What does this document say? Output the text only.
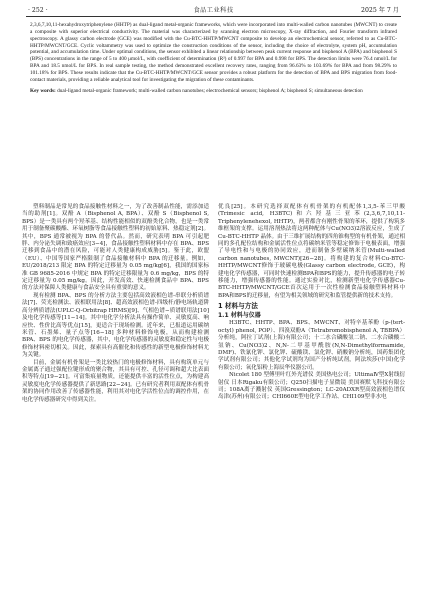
· 252 ·	食品工业科技	2025 年 7 月

2,3,6,7,10,11-hexahydroxytriphenylene (HHTP) as dual-ligand metal-organic frameworks, which were incorporated into multi-walled carbon nanotubes (MWCNT) to create a composite with superior electrical conductivity. The material was characterized by scanning electron microscopy, X-ray diffraction, and Fourier transform infrared spectroscopy. A glassy carbon electrode (GCE) was modified with the Cu-BTC-HHTP/MWCNT composite to develop an electrochemical sensor, referred to as Cu-BTC-HHTP/MWCNT/GCE. Cyclic voltammetry was used to optimize the construction conditions of the sensor, including the choice of electrolyte, system pH, accumulation potential, and accumulation time. Under optimal conditions, the sensor exhibited a linear relationship between peak current response and bisphenol A (BPA) and bisphenol S (BPS) concentrations in the range of 5 to 400 μmol/L, with coefficient of determination (R²) of 0.997 for BPA and 0.998 for BPS. The detection limits were 76.4 nmol/L for BPA and 18.5 nmol/L for BPS. In real sample testing, the method demonstrated excellent recovery rates, ranging from 96.63% to 103.69% for BPA and from 98.29% to 101.18% for BPS. These results indicate that the Cu-BTC-HHTP/MWCNT/GCE sensor provides a robust platform for the detection of BPA and BPS migration from food-contact materials, providing a reliable analytical tool for investigating the migration of these contaminants.

Key words: dual-ligand metal-organic framework; multi-walled carbon nanotubes; electrochemical sensors; bisphenol A; bisphenol S; simultaneous detection

塑料制品是常见的食品接触性材料之一，为了改善制品性能，需添加适当的助剂[1]。双酚 A（Bisphenol A, BPA）、双酚 S（Bisphenol S, BPS）是一类具有两个羟苯基、结构性能相似的双酚类化合物，也是一类常用于制备聚碳酸酯、环氧树脂等食品接触性塑料的初始原料、热稳定剂[2]。其中，BPS 通常被视为 BPA 的替代品。然而，研究表明 BPA 可引起肥胖、内分泌失调和致癌效应[3−4]，食品接触性塑料材料中存在 BPA、BPS 迁移到食品中的潜在风险，可能对人类健康构成威胁[5]。鉴于此，欧盟（EU）、中国等国家严格限制了食品接触材料中 BPA 的迁移量。例如，EU/2018/213 限定 BPA 的特定迁移量为 0.05 mg/kg[6]，我国的国家标准 GB 9685-2016 中规定 BPA 的特定迁移限量为 0.6 mg/kg，BPS 的特定迁移量为 0.05 mg/kg。因此，开发高效、快速检测食品中 BPA、BPS 的方法对保障人类健康与食品安全具有重要的意义。

现有检测 BPA、BPS 的分析方法主要包括高效液相色谱-串联分析质谱法[7]、荧光检测法、液相联用法[8]、超高效液相色谱-四级杆/静电场轨道阱高分辨质谱法(UPLC-Q-Orbitrap HRMS)[9]、气相色谱−质谱联用法[10]及电化学传感等[11−14]。其中电化学分析法具有操作简单、灵敏度高、响应快、性价比高等优点[15]，更适合于现场检测。近年来，已报道运用碳纳米管、石墨烯、量子点等[16−18] 多种材料修饰电极，从而构建检测 BPA、BPS 的电化学传感器，其中，电化学传感器的灵敏度和稳定性与电极修饰材料密切相关。因此，探索具有高催化和传感性的新型电极修饰材料尤为关键。

目前，金属有机骨架是一类比较热门的电极修饰材料，具有构筑单元与金属离子通过强配位键形成的聚合物，其具有可控、孔径可调和超大比表面积等特点[19−21]。可富集痕量物质，还能提供丰富的活性位点，为构建高灵敏度电化学传感器提供了新思路[22−24]。已有研究者利用双配体有机骨架的协同作用改善了传感器性能，利用其对电化学活性位点的调控作用，在电化学传感器研究中得到关注。

优良[25]。本研究选择双配体有机骨架的有机配体1,3,5-苯三甲酸(Trimesic acid, H3BTC)和六羟基三亚苯(2,3,6,7,10,11-Triphenylenehexol, HHTP)，两者都含有刚性骨架的苯环，提供了构筑多维框架的支撑。运用溶剂热法将这两种配体与Cu(NO3)2溶液反应，生成了Cu-BTC-HHTP 晶体。由于三维扩展结构的四角锥构型的有机骨架，通过相同的多孔配位结构和金属活性位点将碳纳米管等稳定修饰于电极表面，增强了导电性和与电极的协同效应，进而制备多壁碳纳米管(Multi-walled carbon nanotubes, MWCNT)[26−28]。将构建的复合材料Cu-BTC-HHTP/MWCNT修饰于玻碳电极(Glassy carbon electrode, GCE)，构建电化学传感器，可同时快速检测BPA和BPS的能力，提升传感器的电子转移能力，增强传感器的性能。通过实验对比，检测新型电化学传感器Cu-BTC-HHTP/MWCNT/GCE首次运用于一次性检测食品接触塑料材料中BPA和BPS的迁移量，有望为相关领域的研究和监管提供新的技术支持。

1 材料与方法
1.1 材料与仪器

H3BTC、HHTP、BPA、BPS、MWCNT、对特辛基苯酚（p-(tert-octyl) phenol, POP）、四溴双酚A（Tetrabromobisphenol A, TBBPA）分析纯，阿拉丁试剂(上海)有限公司；十二水合磷酸氢二钠、二水合磷酸二氢钠、Cu(NO3)2、N,N-二甲基甲酰胺(N,N-Dimethylformamide, DMF)、铁氰化钾、氯化钾、硫酸镁、氯化钾、硝酸钠分析纯，国药集团化学试剂有限公司；其他化学试剂均为国产分析纯试剂，阿法埃莎(中国)化学有限公司；氧化铝粉上海辰华仪器公司。

Nicolet 180 型傅里叶红外光谱仪 美国热电公司；UltimaⅣ型X射线衍射仪 日本Rigaku有限公司；Q250扫描电子显微镜 美国赛默飞科技有限公司；108A离子溅射仪 英国Gressington；LC-20ADXR型高效液相色谱仪 岛津(苏州)有限公司；CHI660E型电化学工作站、CHI109型非水电
